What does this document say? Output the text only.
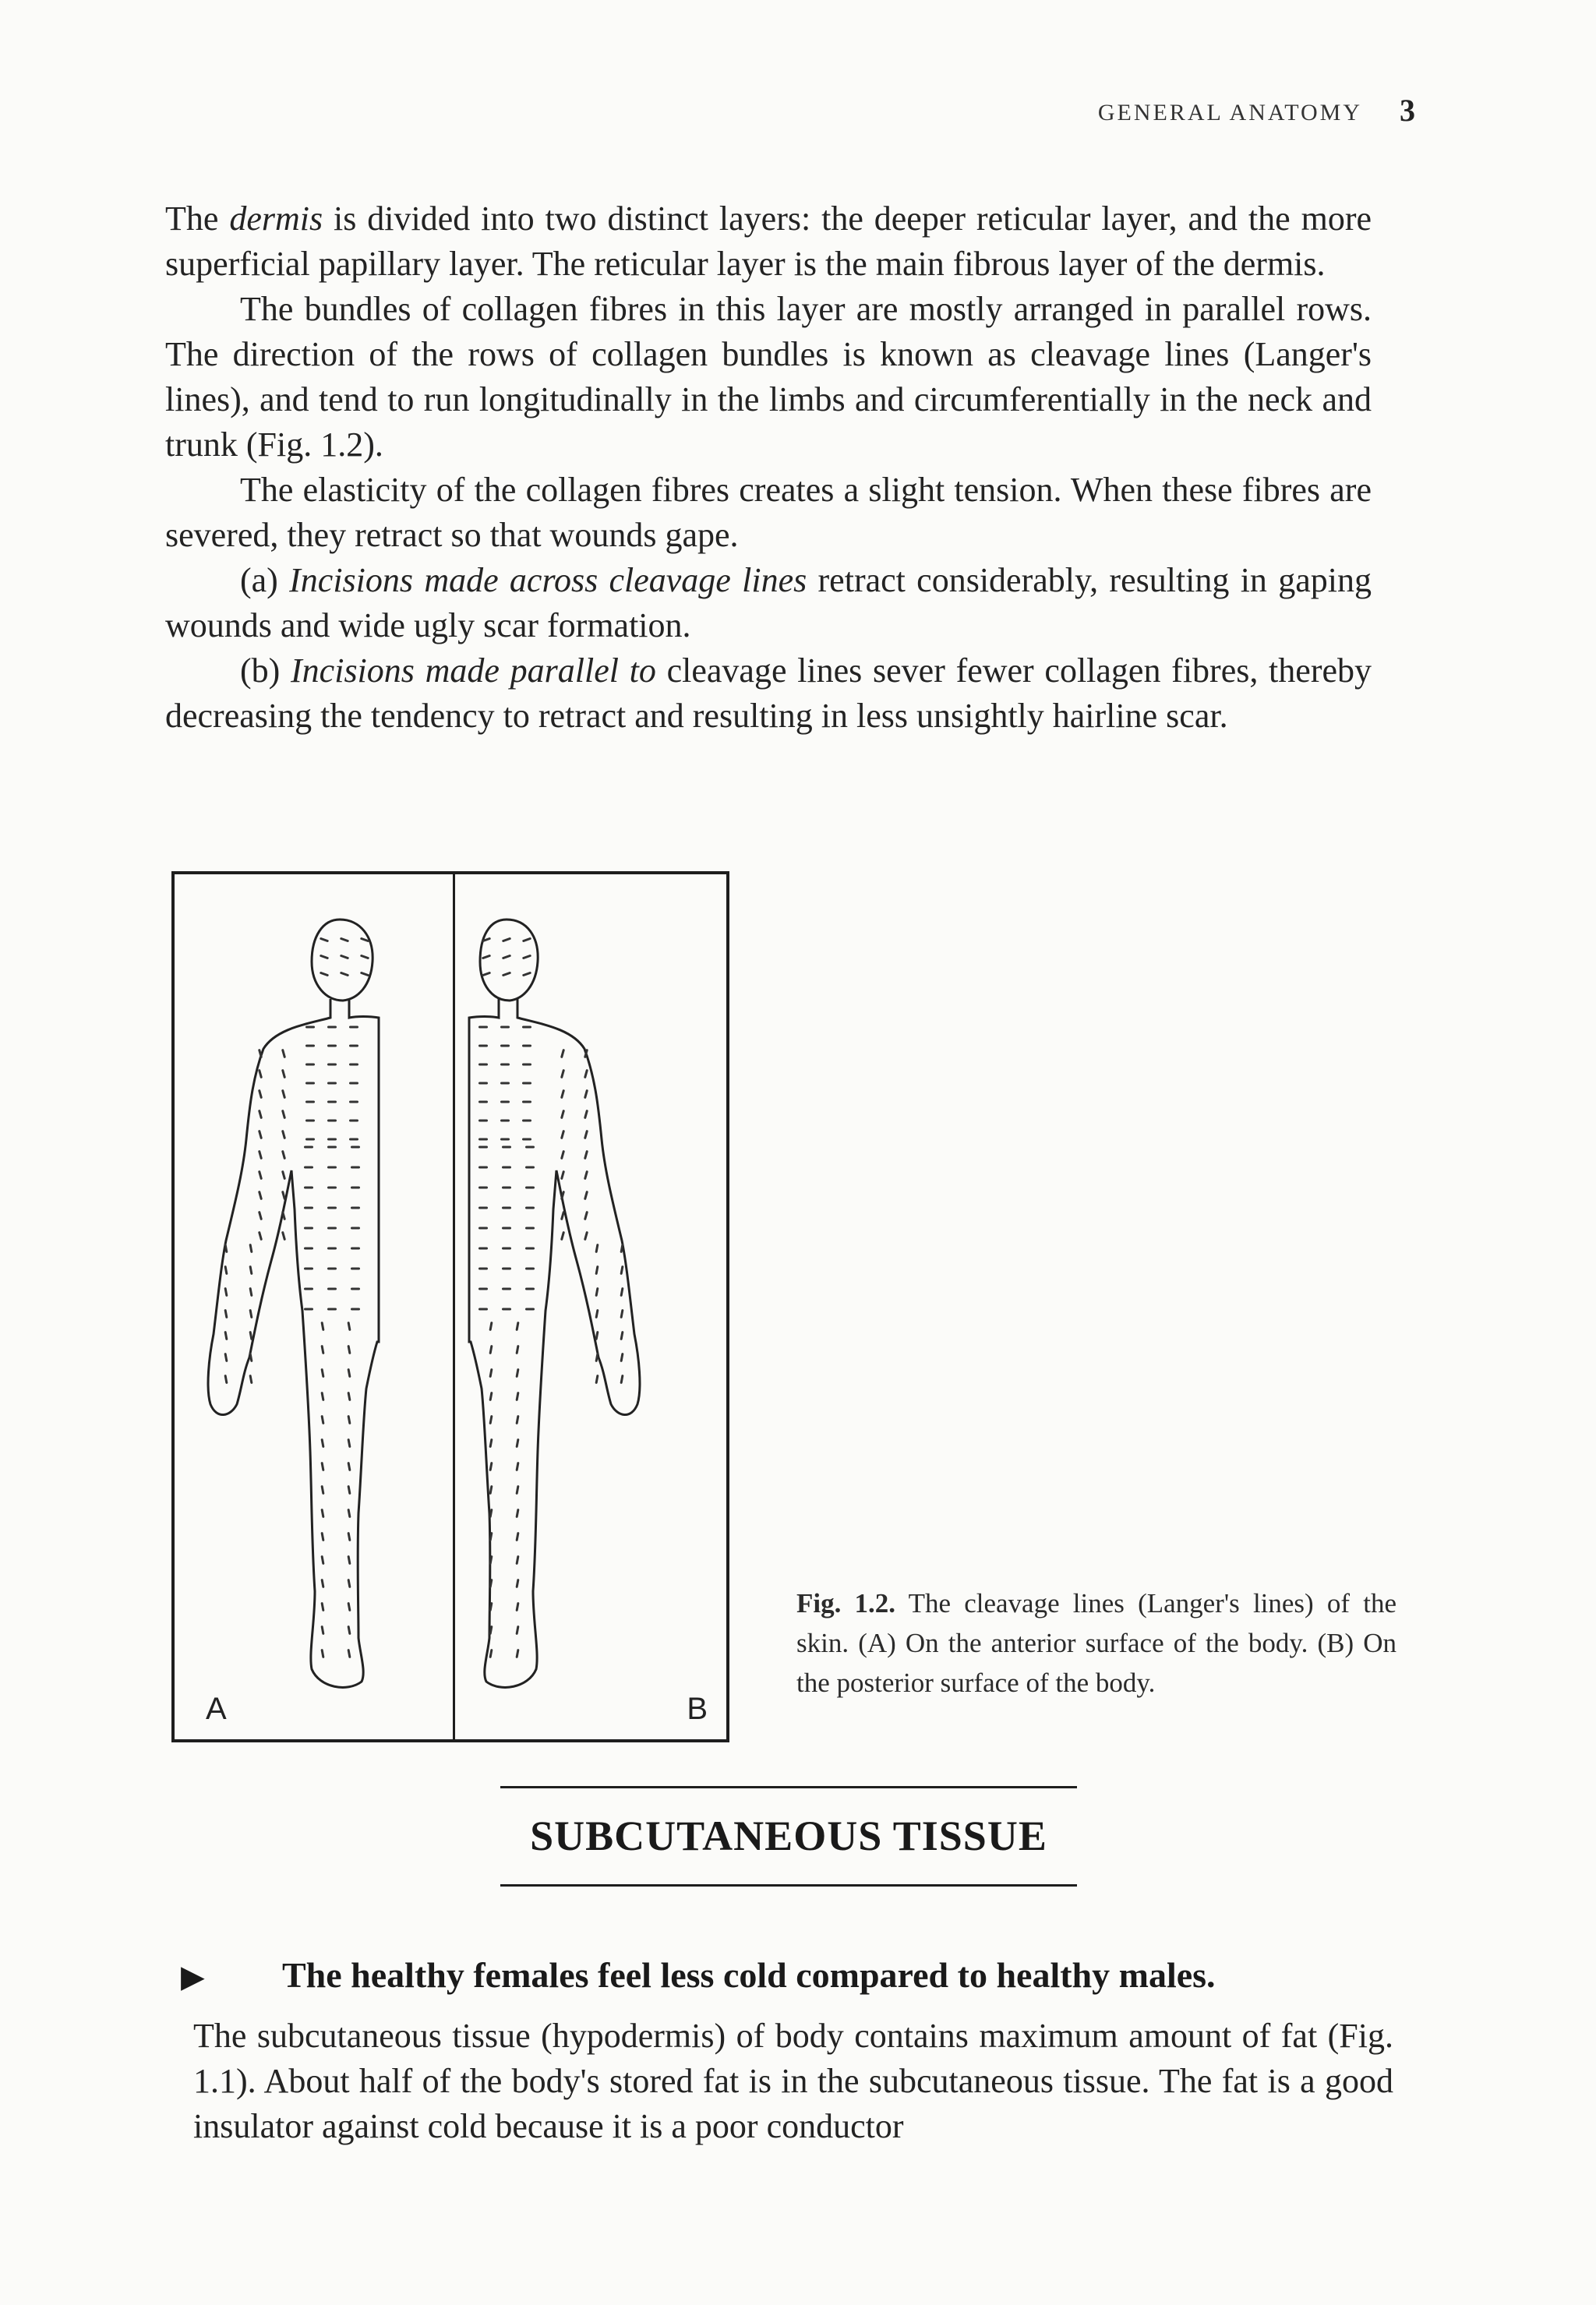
GENERAL ANATOMY 3

The dermis is divided into two distinct layers: the deeper reticular layer, and the more superficial papillary layer. The reticular layer is the main fibrous layer of the dermis.

The bundles of collagen fibres in this layer are mostly arranged in parallel rows. The direction of the rows of collagen bundles is known as cleavage lines (Langer's lines), and tend to run longitudinally in the limbs and circumferentially in the neck and trunk (Fig. 1.2).

The elasticity of the collagen fibres creates a slight tension. When these fibres are severed, they retract so that wounds gape.

(a) Incisions made across cleavage lines retract considerably, resulting in gaping wounds and wide ugly scar formation.

(b) Incisions made parallel to cleavage lines sever fewer collagen fibres, thereby decreasing the tendency to retract and resulting in less unsightly hairline scar.

A	B
Fig. 1.2. The cleavage lines (Langer's lines) of the skin. (A) On the anterior surface of the body. (B) On the posterior surface of the body.
SUBCUTANEOUS TISSUE
▶ The healthy females feel less cold compared to healthy males.

The subcutaneous tissue (hypodermis) of body contains maximum amount of fat (Fig. 1.1). About half of the body's stored fat is in the subcutaneous tissue. The fat is a good insulator against cold because it is a poor conductor
